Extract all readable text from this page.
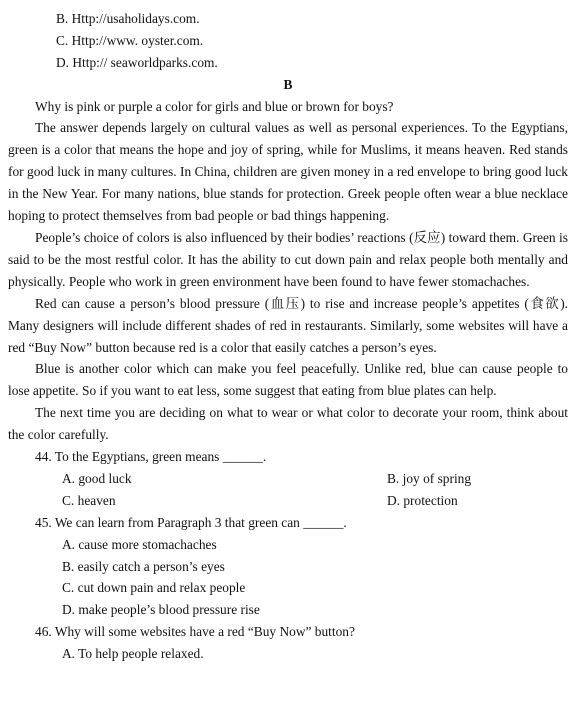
B. Http://usaholidays.com.
C. Http://www. oyster.com.
D. Http:// seaworldparks.com.
B

Why is pink or purple a color for girls and blue or brown for boys?

The answer depends largely on cultural values as well as personal experiences. To the Egyptians, green is a color that means the hope and joy of spring, while for Muslims, it means heaven. Red stands for good luck in many cultures. In China, children are given money in a red envelope to bring good luck in the New Year. For many nations, blue stands for protection. Greek people often wear a blue necklace hoping to protect themselves from bad people or bad things happening.

People’s choice of colors is also influenced by their bodies’ reactions (反应) toward them. Green is said to be the most restful color. It has the ability to cut down pain and relax people both mentally and physically. People who work in green environment have been found to have fewer stomachaches.

Red can cause a person’s blood pressure (血压) to rise and increase people’s appetites (食欲). Many designers will include different shades of red in restaurants. Similarly, some websites will have a red “Buy Now” button because red is a color that easily catches a person’s eyes.

Blue is another color which can make you feel peacefully. Unlike red, blue can cause people to lose appetite. So if you want to eat less, some suggest that eating from blue plates can help.

The next time you are deciding on what to wear or what color to decorate your room, think about the color carefully.

44. To the Egyptians, green means ______.
A. good luck	B. joy of spring
C. heaven	D. protection
45. We can learn from Paragraph 3 that green can ______.
A. cause more stomachaches
B. easily catch a person’s eyes
C. cut down pain and relax people
D. make people’s blood pressure rise
46. Why will some websites have a red “Buy Now” button?
A. To help people relaxed.
